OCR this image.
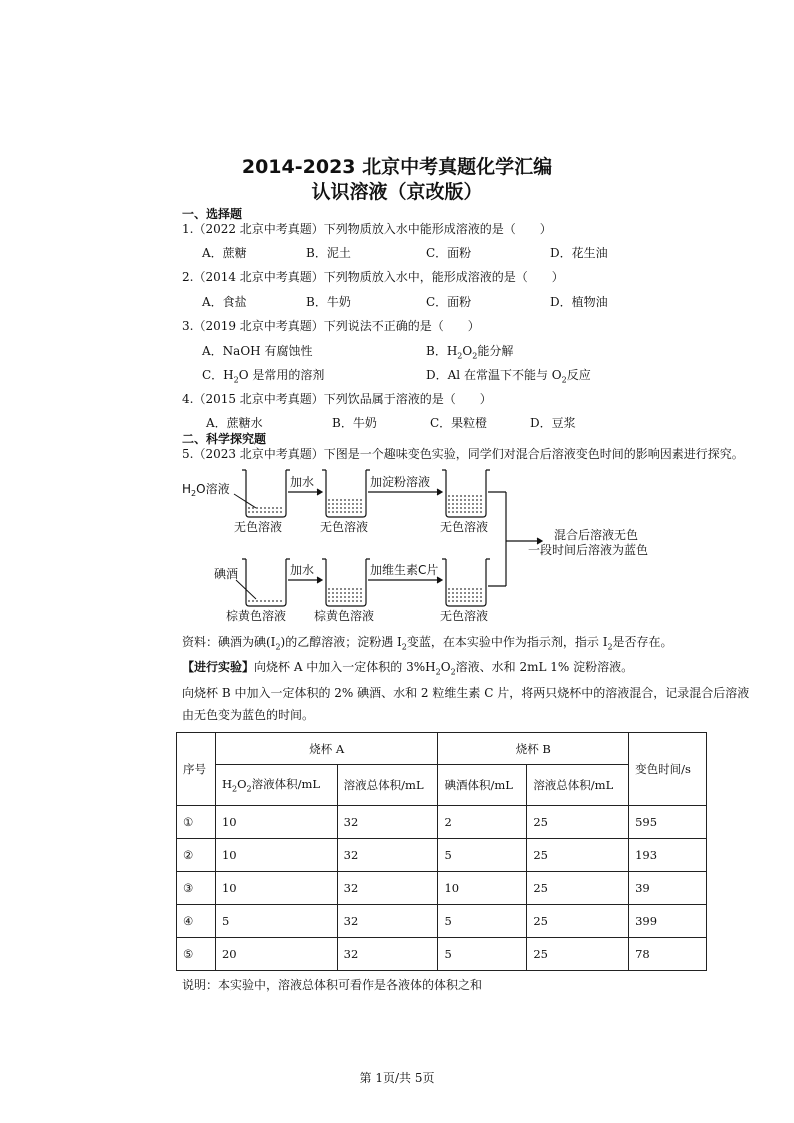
2014-2023 北京中考真题化学汇编
认识溶液（京改版）
一、选择题
1.（2022 北京中考真题）下列物质放入水中能形成溶液的是（　　）
A．蔗糖	B．泥土	C．面粉	D．花生油
2.（2014 北京中考真题）下列物质放入水中，能形成溶液的是（　　）
A．食盐	B．牛奶	C．面粉	D．植物油
3.（2019 北京中考真题）下列说法不正确的是（　　）
A．NaOH 有腐蚀性	B．$H_2O_2$能分解
C．$H_2O$ 是常用的溶剂	D．Al 在常温下不能与 $O_2$反应
4.（2015 北京中考真题）下列饮品属于溶液的是（　　）
A．蔗糖水	B．牛奶	C．果粒橙	D．豆浆
二、科学探究题
5.（2023 北京中考真题）下图是一个趣味变色实验，同学们对混合后溶液变色时间的影响因素进行探究。
$H_2O$溶液	加水	加淀粉溶液
无色溶液	无色溶液	无色溶液
碘酒	加水	加维生素C片
棕黄色溶液 棕黄色溶液	无色溶液
混合后溶液无色
一段时间后溶液为蓝色
资料：碘酒为碘$(I_2)$的乙醇溶液；淀粉遇 $I_2$变蓝，在本实验中作为指示剂，指示 $I_2$是否存在。
【进行实验】向烧杯 A 中加入一定体积的 $3\%H_2O_2$溶液、水和 2mL 1% 淀粉溶液。
向烧杯 B 中加入一定体积的 2% 碘酒、水和 2 粒维生素 C 片，将两只烧杯中的溶液混合，记录混合后溶液
由无色变为蓝色的时间。
序号	烧杯 A		烧杯 B		变色时间/s
	$H_2O_2$溶液体积/mL	溶液总体积/mL	碘酒体积/mL	溶液总体积/mL	
①	10	32	2	25	595
②	10	32	5	25	193
③	10	32	10	25	39
④	5	32	5	25	399
⑤	20	32	5	25	78
说明：本实验中，溶液总体积可看作是各液体的体积之和
第 1页/共 5页
